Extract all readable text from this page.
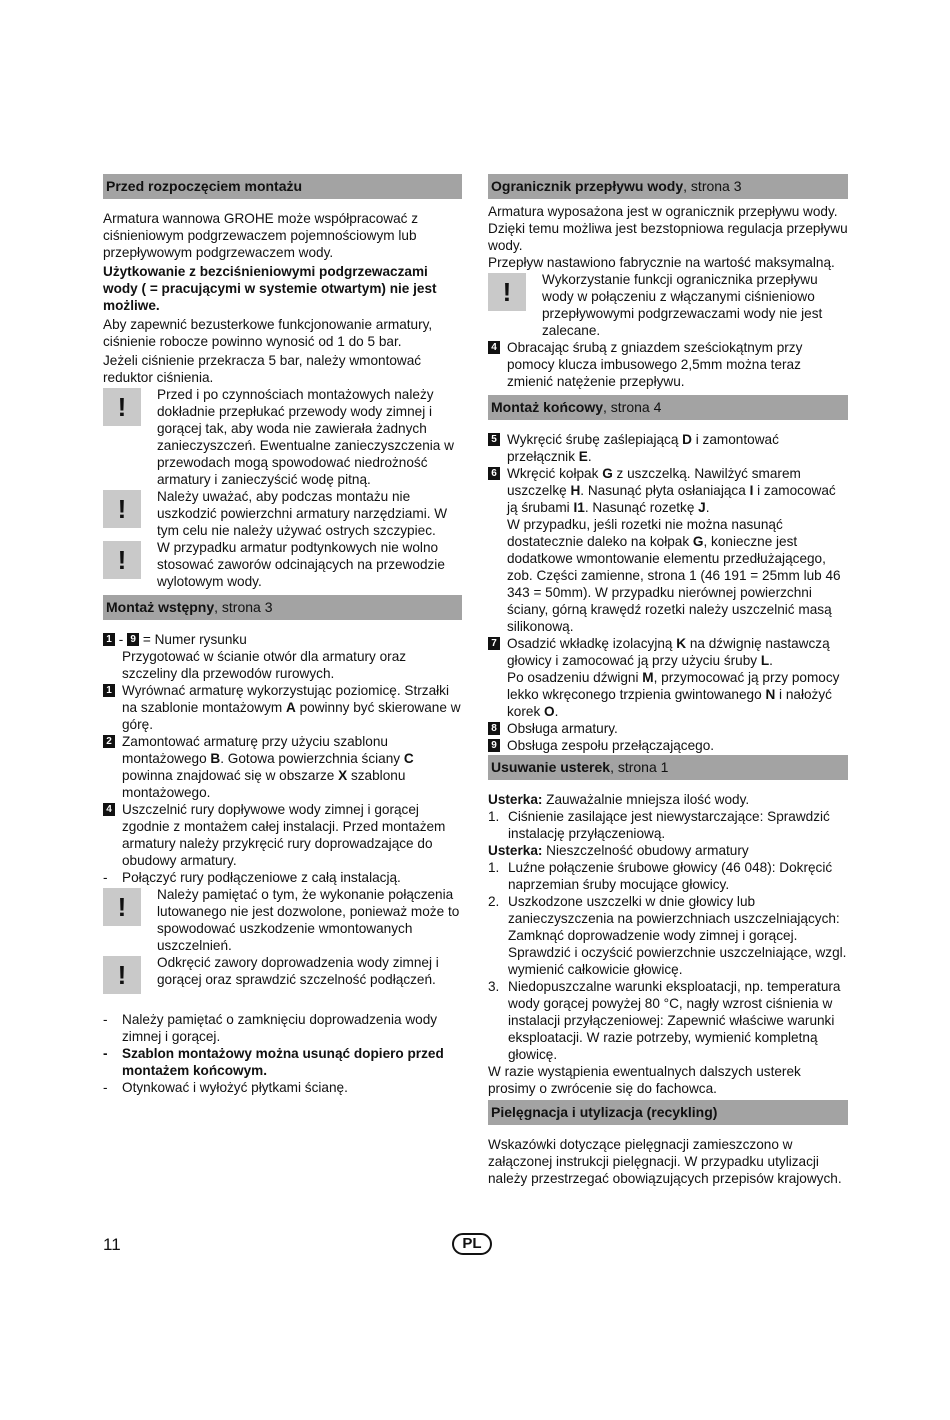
Przed rozpoczęciem montażu

Armatura wannowa GROHE może współpracować z ciśnieniowym podgrzewaczem pojemnościowym lub przepływowym podgrzewaczem wody.

Użytkowanie z bezciśnieniowymi podgrzewaczami wody ( = pracującymi w systemie otwartym) nie jest możliwe.

Aby zapewnić bezusterkowe funkcjonowanie armatury, ciśnienie robocze powinno wynosić od 1 do 5 bar.

Jeżeli ciśnienie przekracza 5 bar, należy wmontować reduktor ciśnienia.

!	Przed i po czynnościach montażowych należy dokładnie przepłukać przewody wody zimnej i gorącej tak, aby woda nie zawierała żadnych zanieczyszczeń. Ewentualne zanieczyszczenia w przewodach mogą spowodować niedrożność armatury i zanieczyścić wodę pitną.
!	Należy uważać, aby podczas montażu nie uszkodzić powierzchni armatury narzędziami. W tym celu nie należy używać ostrych szczypiec.
!	W przypadku armatur podtynkowych nie wolno stosować zaworów odcinających na przewodzie wylotowym wody.
Montaż wstępny, strona 3

1 - 9 = Numer rysunku

Przygotować w ścianie otwór dla armatury oraz szczeliny dla przewodów rurowych.

1 Wyrównać armaturę wykorzystując poziomicę. Strzałki na szablonie montażowym A powinny być skierowane w górę.
2 Zamontować armaturę przy użyciu szablonu montażowego B. Gotowa powierzchnia ściany C powinna znajdować się w obszarze X szablonu montażowego.
4 Uszczelnić rury dopływowe wody zimnej i gorącej zgodnie z montażem całej instalacji. Przed montażem armatury należy przykręcić rury doprowadzające do obudowy armatury.
-	Połączyć rury podłączeniowe z całą instalacją.
!	Należy pamiętać o tym, że wykonanie połączenia lutowanego nie jest dozwolone, ponieważ może to spowodować uszkodzenie wmontowanych uszczelnień.
!	Odkręcić zawory doprowadzenia wody zimnej i gorącej oraz sprawdzić szczelność podłączeń.
-	Należy pamiętać o zamknięciu doprowadzenia wody zimnej i gorącej.
-	Szablon montażowy można usunąć dopiero przed montażem końcowym.
-	Otynkować i wyłożyć płytkami ścianę.
Ogranicznik przepływu wody, strona 3

Armatura wyposażona jest w ogranicznik przepływu wody. Dzięki temu możliwa jest bezstopniowa regulacja przepływu wody.

Przepływ nastawiono fabrycznie na wartość maksymalną.

!	Wykorzystanie funkcji ogranicznika przepływu wody w połączeniu z włączanymi ciśnieniowo przepływowymi podgrzewaczami wody nie jest zalecane.
4 Obracając śrubą z gniazdem sześciokątnym przy pomocy klucza imbusowego 2,5mm można teraz zmienić natężenie przepływu.
Montaż końcowy, strona 4
5 Wykręcić śrubę zaślepiającą D i zamontować przełącznik E.
6 Wkręcić kołpak G z uszczelką. Nawilżyć smarem uszczelkę H. Nasunąć płyta osłaniająca I i zamocować ją śrubami I1. Nasunąć rozetkę J.
W przypadku, jeśli rozetki nie można nasunąć dostatecznie daleko na kołpak G, konieczne jest dodatkowe wmontowanie elementu przedłużającego, zob. Części zamienne, strona 1 (46 191 = 25mm lub 46 343 = 50mm). W przypadku nierównej powierzchni ściany, górną krawędź rozetki należy uszczelnić masą silikonową.
7 Osadzić wkładkę izolacyjną K na dźwignię nastawczą głowicy i zamocować ją przy użyciu śruby L.
Po osadzeniu dźwigni M, przymocować ją przy pomocy lekko wkręconego trzpienia gwintowanego N i nałożyć korek O.
8 Obsługa armatury.
9 Obsługa zespołu przełączającego.
Usuwanie usterek, strona 1

Usterka: Zauważalnie mniejsza ilość wody.

1. Ciśnienie zasilające jest niewystarczające: Sprawdzić instalację przyłączeniową.

Usterka: Nieszczelność obudowy armatury

1. Luźne połączenie śrubowe głowicy (46 048): Dokręcić naprzemian śruby mocujące głowicy.
2. Uszkodzone uszczelki w dnie głowicy lub zanieczyszczenia na powierzchniach uszczelniających: Zamknąć doprowadzenie wody zimnej i gorącej. Sprawdzić i oczyścić powierzchnie uszczelniające, wzgl. wymienić całkowicie głowicę.
3. Niedopuszczalne warunki eksploatacji, np. temperatura wody gorącej powyżej 80 °C, nagły wzrost ciśnienia w instalacji przyłączeniowej: Zapewnić właściwe warunki eksploatacji. W razie potrzeby, wymienić kompletną głowicę.

W razie wystąpienia ewentualnych dalszych usterek prosimy o zwrócenie się do fachowca.

Pielęgnacja i utylizacja (recykling)

Wskazówki dotyczące pielęgnacji zamieszczono w załączonej instrukcji pielęgnacji. W przypadku utylizacji należy przestrzegać obowiązujących przepisów krajowych.

11	PL
